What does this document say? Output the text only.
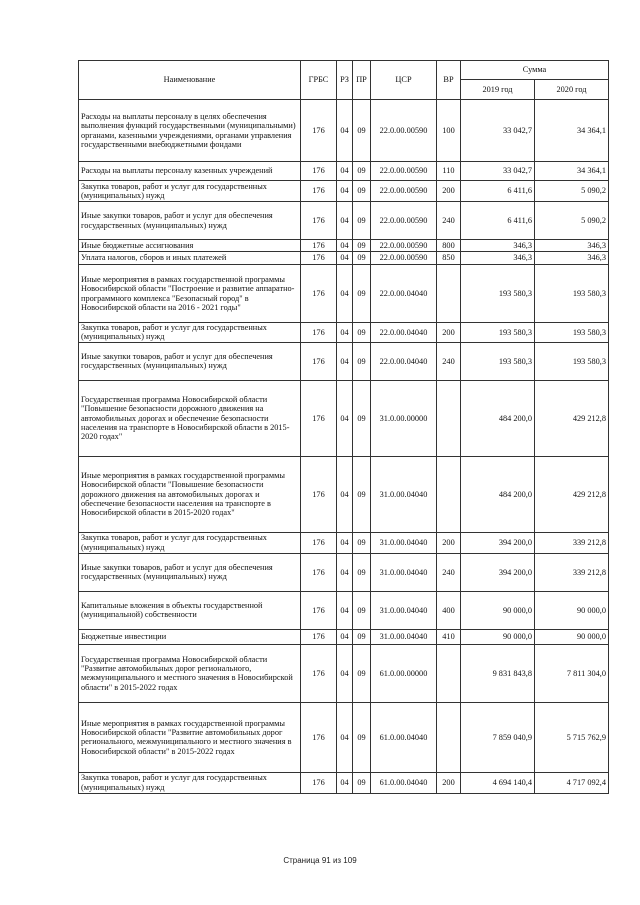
Наименование	ГРБС	РЗ	ПР	ЦСР	ВР	Сумма	
						2019 год	2020 год
Расходы на выплаты персоналу в целях обеспечения выполнения функций государственными (муниципальными) органами, казенными учреждениями, органами управления государственными внебюджетными фондами	176	04	09	22.0.00.00590	100	33 042,7	34 364,1
Расходы на выплаты персоналу казенных учреждений	176	04	09	22.0.00.00590	110	33 042,7	34 364,1
Закупка товаров, работ и услуг для государственных (муниципальных) нужд	176	04	09	22.0.00.00590	200	6 411,6	5 090,2
Иные закупки товаров, работ и услуг для обеспечения государственных (муниципальных) нужд	176	04	09	22.0.00.00590	240	6 411,6	5 090,2
Иные бюджетные ассигнования	176	04	09	22.0.00.00590	800	346,3	346,3
Уплата налогов, сборов и иных платежей	176	04	09	22.0.00.00590	850	346,3	346,3
Иные мероприятия в рамках государственной программы Новосибирской области "Построение и развитие аппаратно-программного комплекса "Безопасный город" в Новосибирской области на 2016 - 2021 годы"	176	04	09	22.0.00.04040		193 580,3	193 580,3
Закупка товаров, работ и услуг для государственных (муниципальных) нужд	176	04	09	22.0.00.04040	200	193 580,3	193 580,3
Иные закупки товаров, работ и услуг для обеспечения государственных (муниципальных) нужд	176	04	09	22.0.00.04040	240	193 580,3	193 580,3
Государственная программа Новосибирской области "Повышение безопасности дорожного движения на автомобильных дорогах и обеспечение безопасности населения на транспорте в Новосибирской области в 2015-2020 годах"	176	04	09	31.0.00.00000		484 200,0	429 212,8
Иные мероприятия в рамках государственной программы Новосибирской области "Повышение безопасности дорожного движения на автомобильных дорогах и обеспечение безопасности населения на транспорте в Новосибирской области в 2015-2020 годах"	176	04	09	31.0.00.04040		484 200,0	429 212,8
Закупка товаров, работ и услуг для государственных (муниципальных) нужд	176	04	09	31.0.00.04040	200	394 200,0	339 212,8
Иные закупки товаров, работ и услуг для обеспечения государственных (муниципальных) нужд	176	04	09	31.0.00.04040	240	394 200,0	339 212,8
Капитальные вложения в объекты государственной (муниципальной) собственности	176	04	09	31.0.00.04040	400	90 000,0	90 000,0
Бюджетные инвестиции	176	04	09	31.0.00.04040	410	90 000,0	90 000,0
Государственная программа Новосибирской области "Развитие автомобильных дорог регионального, межмуниципального и местного значения в Новосибирской области" в 2015-2022 годах	176	04	09	61.0.00.00000		9 831 843,8	7 811 304,0
Иные мероприятия в рамках государственной программы Новосибирской области "Развитие автомобильных дорог регионального, межмуниципального и местного значения в Новосибирской области" в 2015-2022 годах	176	04	09	61.0.00.04040		7 859 040,9	5 715 762,9
Закупка товаров, работ и услуг для государственных (муниципальных) нужд	176	04	09	61.0.00.04040	200	4 694 140,4	4 717 092,4
Страница 91 из 109
